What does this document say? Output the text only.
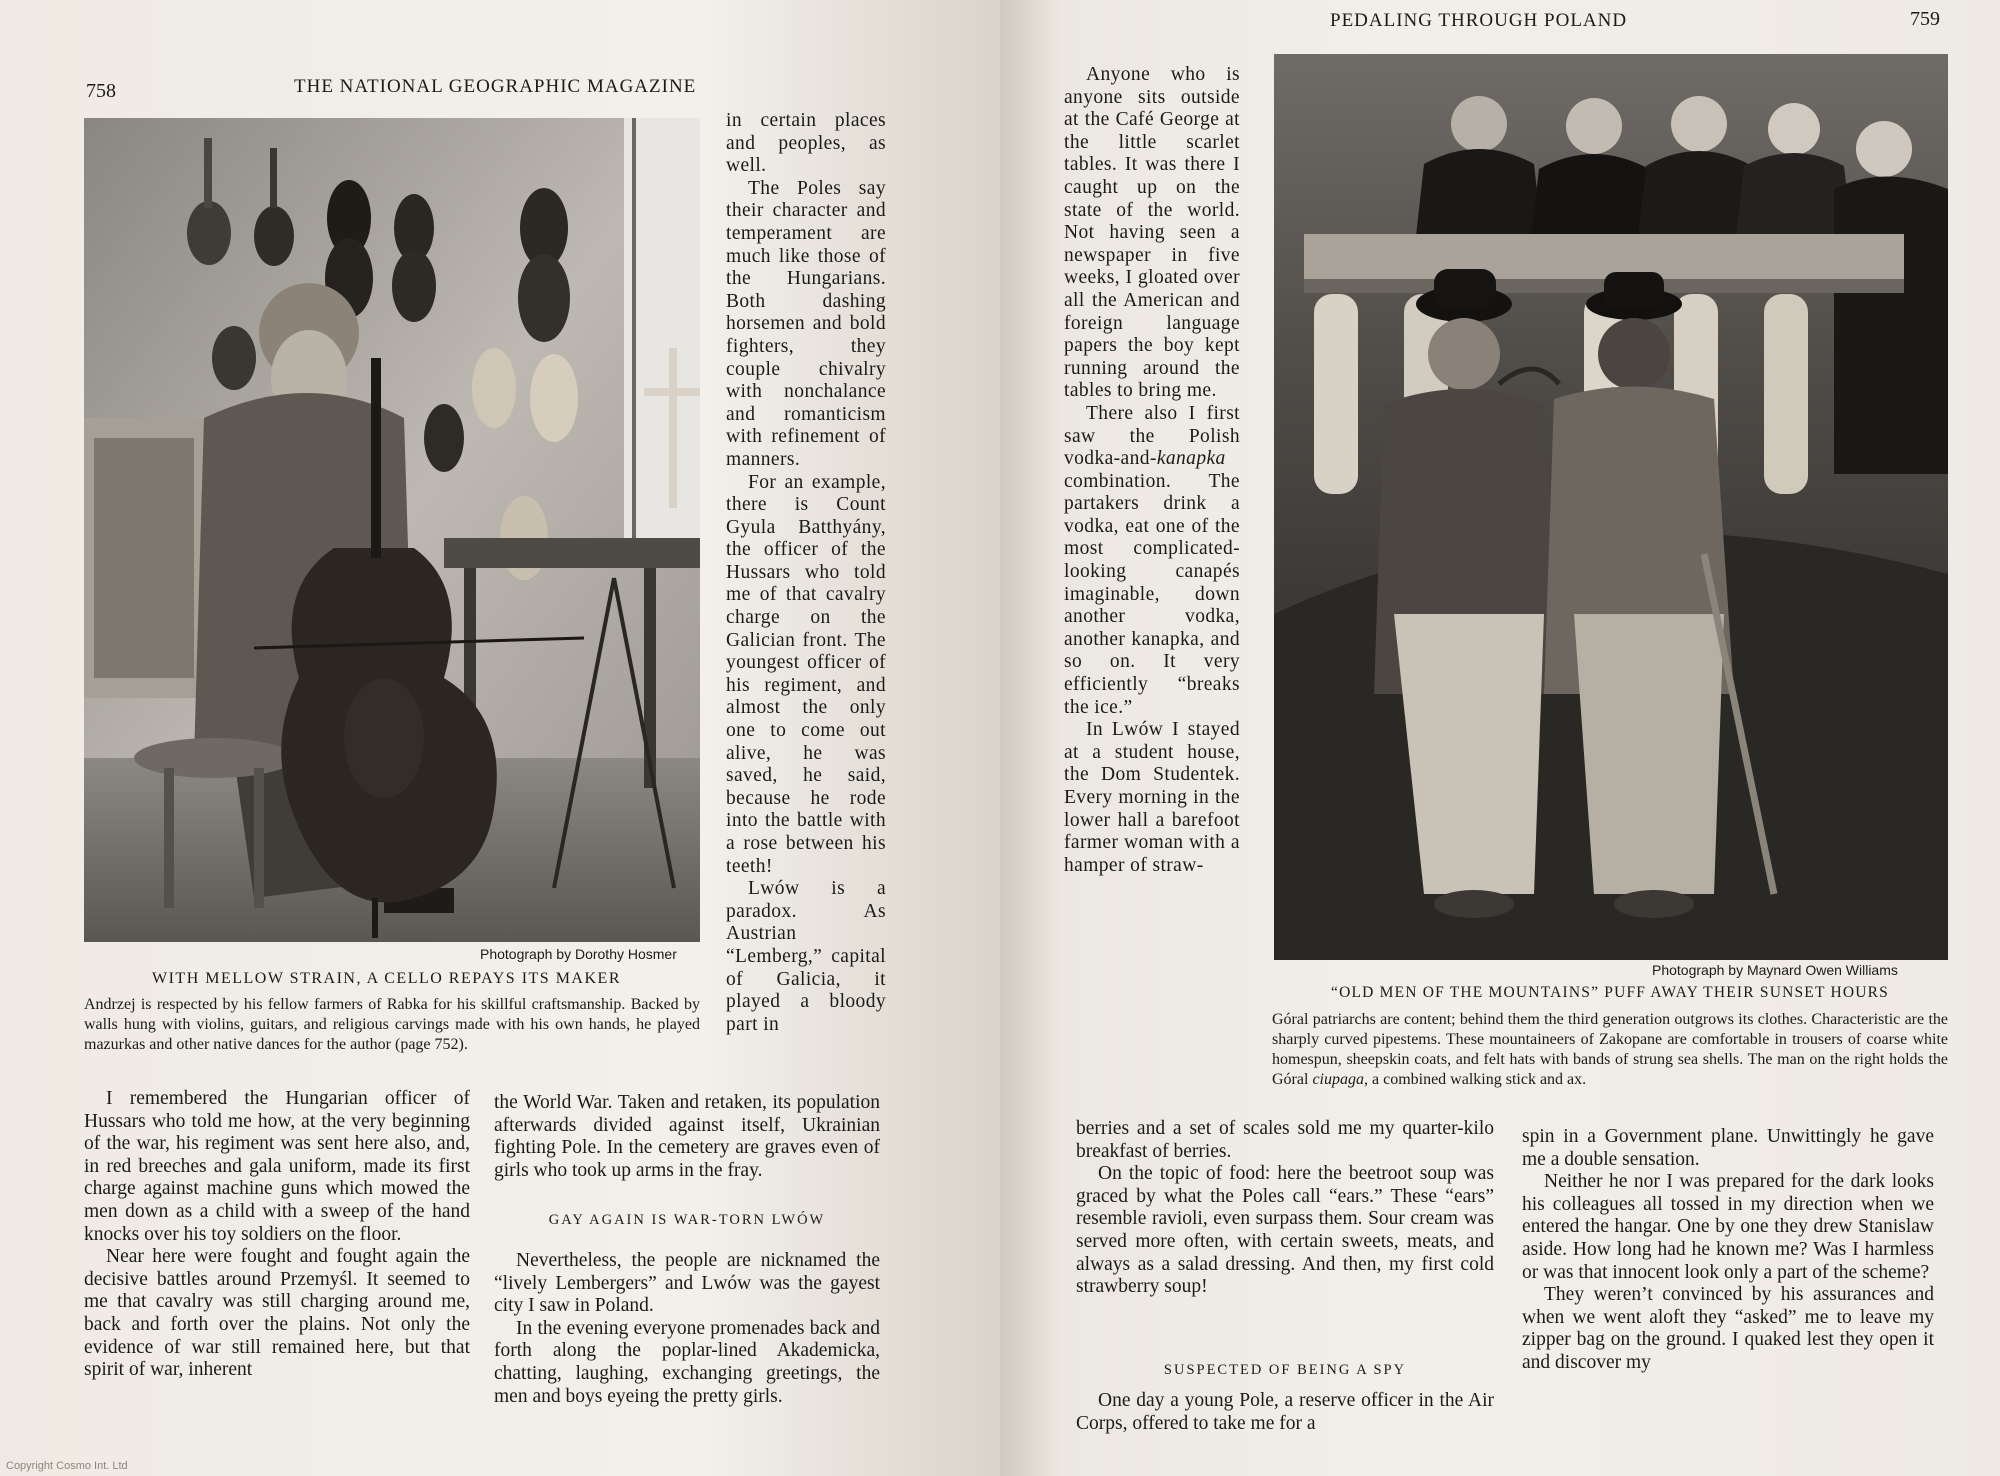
758	THE NATIONAL GEOGRAPHIC MAGAZINE
Photograph by Dorothy Hosmer
WITH MELLOW STRAIN, A CELLO REPAYS ITS MAKER
Andrzej is respected by his fellow farmers of Rabka for his skillful craftsmanship. Backed by walls hung with violins, guitars, and religious carvings made with his own hands, he played mazurkas and other native dances for the author (page 752).

in certain places and peoples, as well.

The Poles say their character and temperament are much like those of the Hungarians. Both dashing horsemen and bold fighters, they couple chivalry with nonchalance and romanticism with refinement of manners.

For an example, there is Count Gyula Batthyány, the officer of the Hussars who told me of that cavalry charge on the Galician front. The youngest officer of his regiment, and almost the only one to come out alive, he was saved, he said, because he rode into the battle with a rose between his teeth!

Lwów is a paradox. As Austrian “Lemberg,” capital of Galicia, it played a bloody part in

I remembered the Hungarian officer of Hussars who told me how, at the very beginning of the war, his regiment was sent here also, and, in red breeches and gala uniform, made its first charge against machine guns which mowed the men down as a child with a sweep of the hand knocks over his toy soldiers on the floor.

Near here were fought and fought again the decisive battles around Przemyśl. It seemed to me that cavalry was still charging around me, back and forth over the plains. Not only the evidence of war still remained here, but that spirit of war, inherent

the World War. Taken and retaken, its population afterwards divided against itself, Ukrainian fighting Pole. In the cemetery are graves even of girls who took up arms in the fray.

GAY AGAIN IS WAR-TORN LWÓW

Nevertheless, the people are nicknamed the “lively Lembergers” and Lwów was the gayest city I saw in Poland.

In the evening everyone promenades back and forth along the poplar-lined Akademicka, chatting, laughing, exchanging greetings, the men and boys eyeing the pretty girls.

Copyright Cosmo Int. Ltd
PEDALING THROUGH POLAND	759

Anyone who is anyone sits outside at the Café George at the little scarlet tables. It was there I caught up on the state of the world. Not having seen a newspaper in five weeks, I gloated over all the American and foreign language papers the boy kept running around the tables to bring me.

There also I first saw the Polish vodka-and-kanapka combination. The partakers drink a vodka, eat one of the most complicated-looking canapés imaginable, down another vodka, another kanapka, and so on. It very efficiently “breaks the ice.”

In Lwów I stayed at a student house, the Dom Studentek. Every morning in the lower hall a barefoot farmer woman with a hamper of straw-

Photograph by Maynard Owen Williams
“OLD MEN OF THE MOUNTAINS” PUFF AWAY THEIR SUNSET HOURS
Góral patriarchs are content; behind them the third generation outgrows its clothes. Characteristic are the sharply curved pipestems. These mountaineers of Zakopane are comfortable in trousers of coarse white homespun, sheepskin coats, and felt hats with bands of strung sea shells. The man on the right holds the Góral ciupaga, a combined walking stick and ax.

berries and a set of scales sold me my quarter-kilo breakfast of berries.

On the topic of food: here the beetroot soup was graced by what the Poles call “ears.” These “ears” resemble ravioli, even surpass them. Sour cream was served more often, with certain sweets, meats, and always as a salad dressing. And then, my first cold strawberry soup!

SUSPECTED OF BEING A SPY

One day a young Pole, a reserve officer in the Air Corps, offered to take me for a

spin in a Government plane. Unwittingly he gave me a double sensation.

Neither he nor I was prepared for the dark looks his colleagues all tossed in my direction when we entered the hangar. One by one they drew Stanislaw aside. How long had he known me? Was I harmless or was that innocent look only a part of the scheme?

They weren’t convinced by his assurances and when we went aloft they “asked” me to leave my zipper bag on the ground. I quaked lest they open it and discover my
